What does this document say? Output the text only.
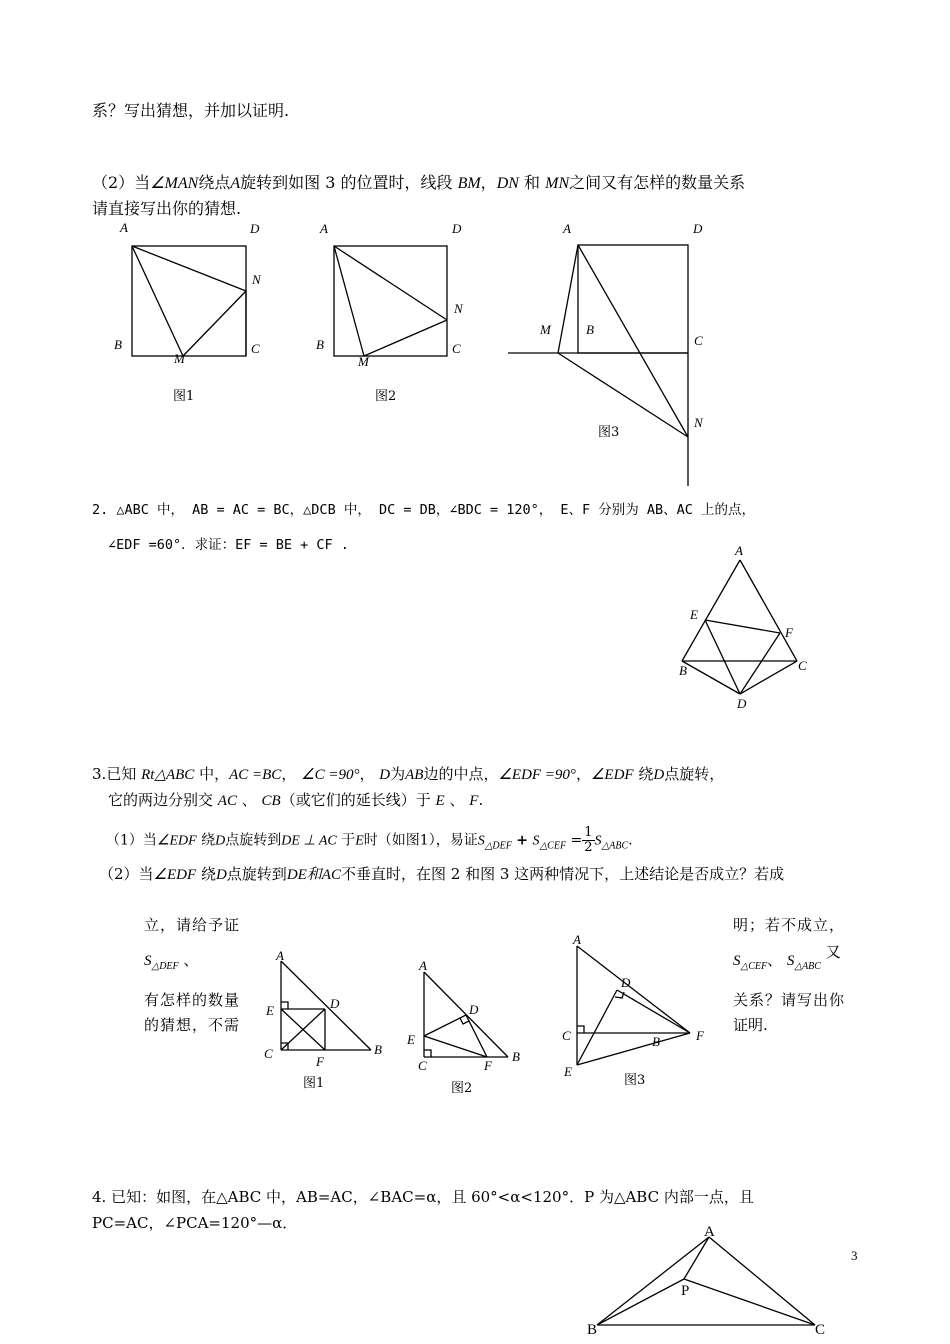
系？写出猜想，并加以证明.
（2）当∠MAN绕点A旋转到如图 3 的位置时，线段 BM，DN 和 MN之间又有怎样的数量关系
请直接写出你的猜想.
A	D
N
B	C
M
A	D
N
B	C
M
A	D
M	B
C
N
A
E
F
B	C
D
A
D
E
C
F
B
A
D
E
C	F
B
A
D
C	B	F
E
A
P
B	C
图1	图2
图3
图1	图2
图3
2. △ABC 中， AB = AC = BC，△DCB 中， DC = DB，∠BDC = 120°， E、F 分别为 AB、AC 上的点，
∠EDF =60°．求证：EF = BE + CF .
3.已知 Rt△ABC 中，AC =BC， ∠C =90°， D为AB边的中点，∠EDF =90°，∠EDF 绕D点旋转，
它的两边分别交 AC 、 CB（或它们的延长线）于 E 、 F.
（1）当∠EDF 绕D点旋转到DE ⊥ AC 于E时（如图1），易证$S_{\triangle DEF} + S_{\triangle CEF} = \frac{1}{2} S_{\triangle ABC}$.
（2）当∠EDF 绕D点旋转到DE和AC不垂直时，在图 2 和图 3 这两种情况下，上述结论是否成立？若成
立，请给予证
$S_{\triangle DEF}$ 、
有怎样的数量
的猜想，不需
明；若不成立，
$S_{\triangle CEF}$、 $S_{\triangle ABC}$ 又
关系？请写出你
证明.
4. 已知：如图，在△ABC 中，AB=AC，∠BAC=α，且 60°<α<120°．P 为△ABC 内部一点，且
PC=AC，∠PCA=120°—α．
3
